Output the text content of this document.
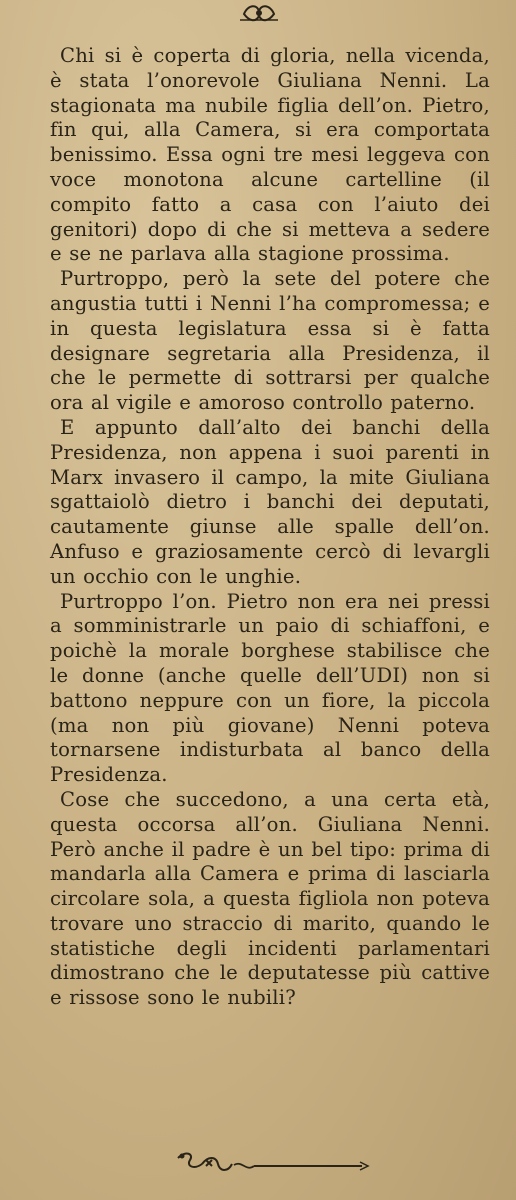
Chi si è coperta di gloria, nella vicenda, è stata l’onorevole Giuliana Nenni. La stagionata ma nubile figlia dell’on. Pietro, fin qui, alla Camera, si era comportata benissimo. Essa ogni tre mesi leggeva con voce monotona alcune cartelline (il compito fatto a casa con l’aiuto dei genitori) dopo di che si metteva a sedere e se ne parlava alla stagione prossima.

Purtroppo, però la sete del potere che angustia tutti i Nenni l’ha compromessa; e in questa legislatura essa si è fatta designare segretaria alla Presidenza, il che le permette di sottrarsi per qualche ora al vigile e amoroso controllo paterno.

E appunto dall’alto dei banchi della Presidenza, non appena i suoi parenti in Marx invasero il campo, la mite Giuliana sgattaiolò dietro i banchi dei deputati, cautamente giunse alle spalle dell’on. Anfuso e graziosamente cercò di levargli un occhio con le unghie.

Purtroppo l’on. Pietro non era nei pressi a somministrarle un paio di schiaffoni, e poichè la morale borghese stabilisce che le donne (anche quelle dell’UDI) non si battono neppure con un fiore, la piccola (ma non più giovane) Nenni poteva tornarsene indisturbata al banco della Presidenza.

Cose che succedono, a una certa età, questa occorsa all’on. Giuliana Nenni. Però anche il padre è un bel tipo: prima di mandarla alla Camera e prima di lasciarla circolare sola, a questa figliola non poteva trovare uno straccio di marito, quando le statistiche degli incidenti parlamentari dimostrano che le deputatesse più cattive e rissose sono le nubili?
